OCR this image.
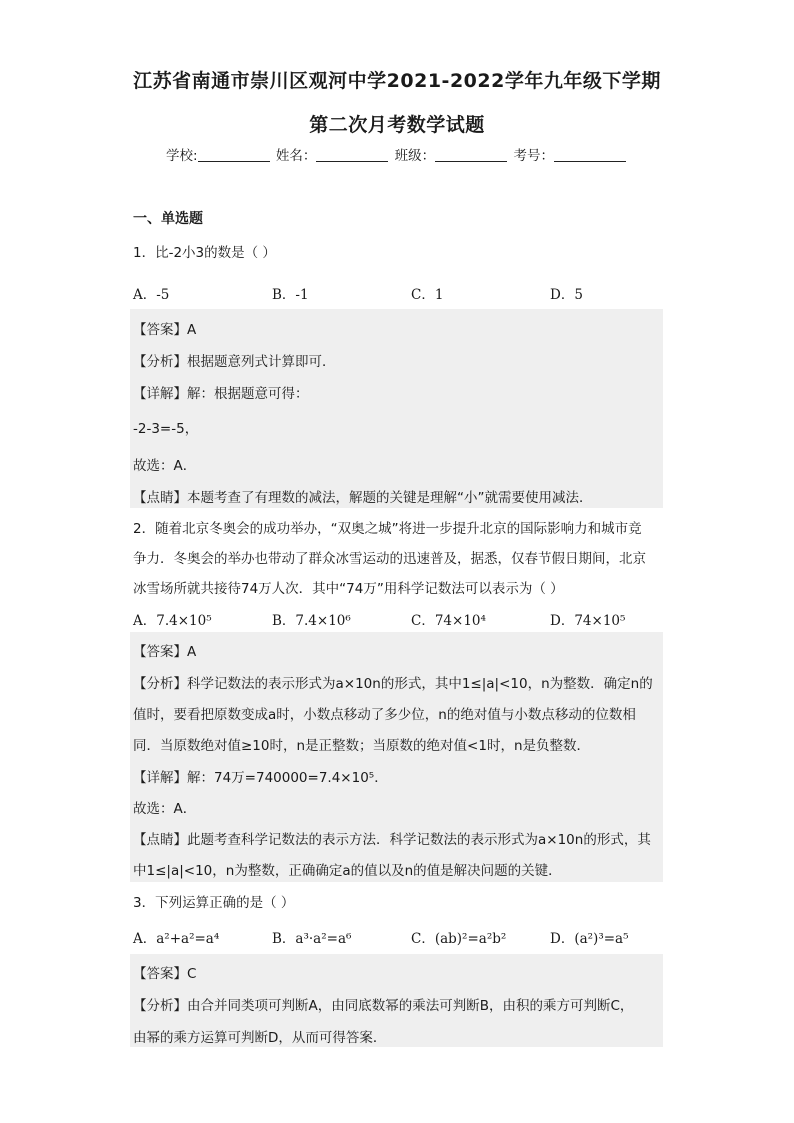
江苏省南通市崇川区观河中学2021-2022学年九年级下学期
第二次月考数学试题
学校:	姓名：	班级：	考号：
一、单选题
1．比-2小3的数是（ ）
A．-5	B．-1	C．1	D．5
【答案】A
【分析】根据题意列式计算即可．
【详解】解：根据题意可得：
-2-3=-5，
故选：A．
【点睛】本题考查了有理数的减法，解题的关键是理解“小”就需要使用减法．
2．随着北京冬奥会的成功举办，“双奥之城”将进一步提升北京的国际影响力和城市竞
争力．冬奥会的举办也带动了群众冰雪运动的迅速普及，据悉，仅春节假日期间，北京
冰雪场所就共接待74万人次．其中“74万”用科学记数法可以表示为（ ）
A．7.4×10⁵	B．7.4×10⁶	C．74×10⁴	D．74×10⁵
【答案】A
【分析】科学记数法的表示形式为a×10n的形式，其中1≤|a|<10，n为整数．确定n的
值时，要看把原数变成a时，小数点移动了多少位，n的绝对值与小数点移动的位数相
同．当原数绝对值≥10时，n是正整数；当原数的绝对值<1时，n是负整数．
【详解】解：74万=740000=7.4×10⁵．
故选：A．
【点睛】此题考查科学记数法的表示方法．科学记数法的表示形式为a×10n的形式，其
中1≤|a|<10，n为整数，正确确定a的值以及n的值是解决问题的关键．
3．下列运算正确的是（ ）
A．a²+a²=a⁴	B．a³·a²=a⁶	C．(ab)²=a²b²	D．(a²)³=a⁵
【答案】C
【分析】由合并同类项可判断A，由同底数幂的乘法可判断B，由积的乘方可判断C，
由幂的乘方运算可判断D，从而可得答案．
